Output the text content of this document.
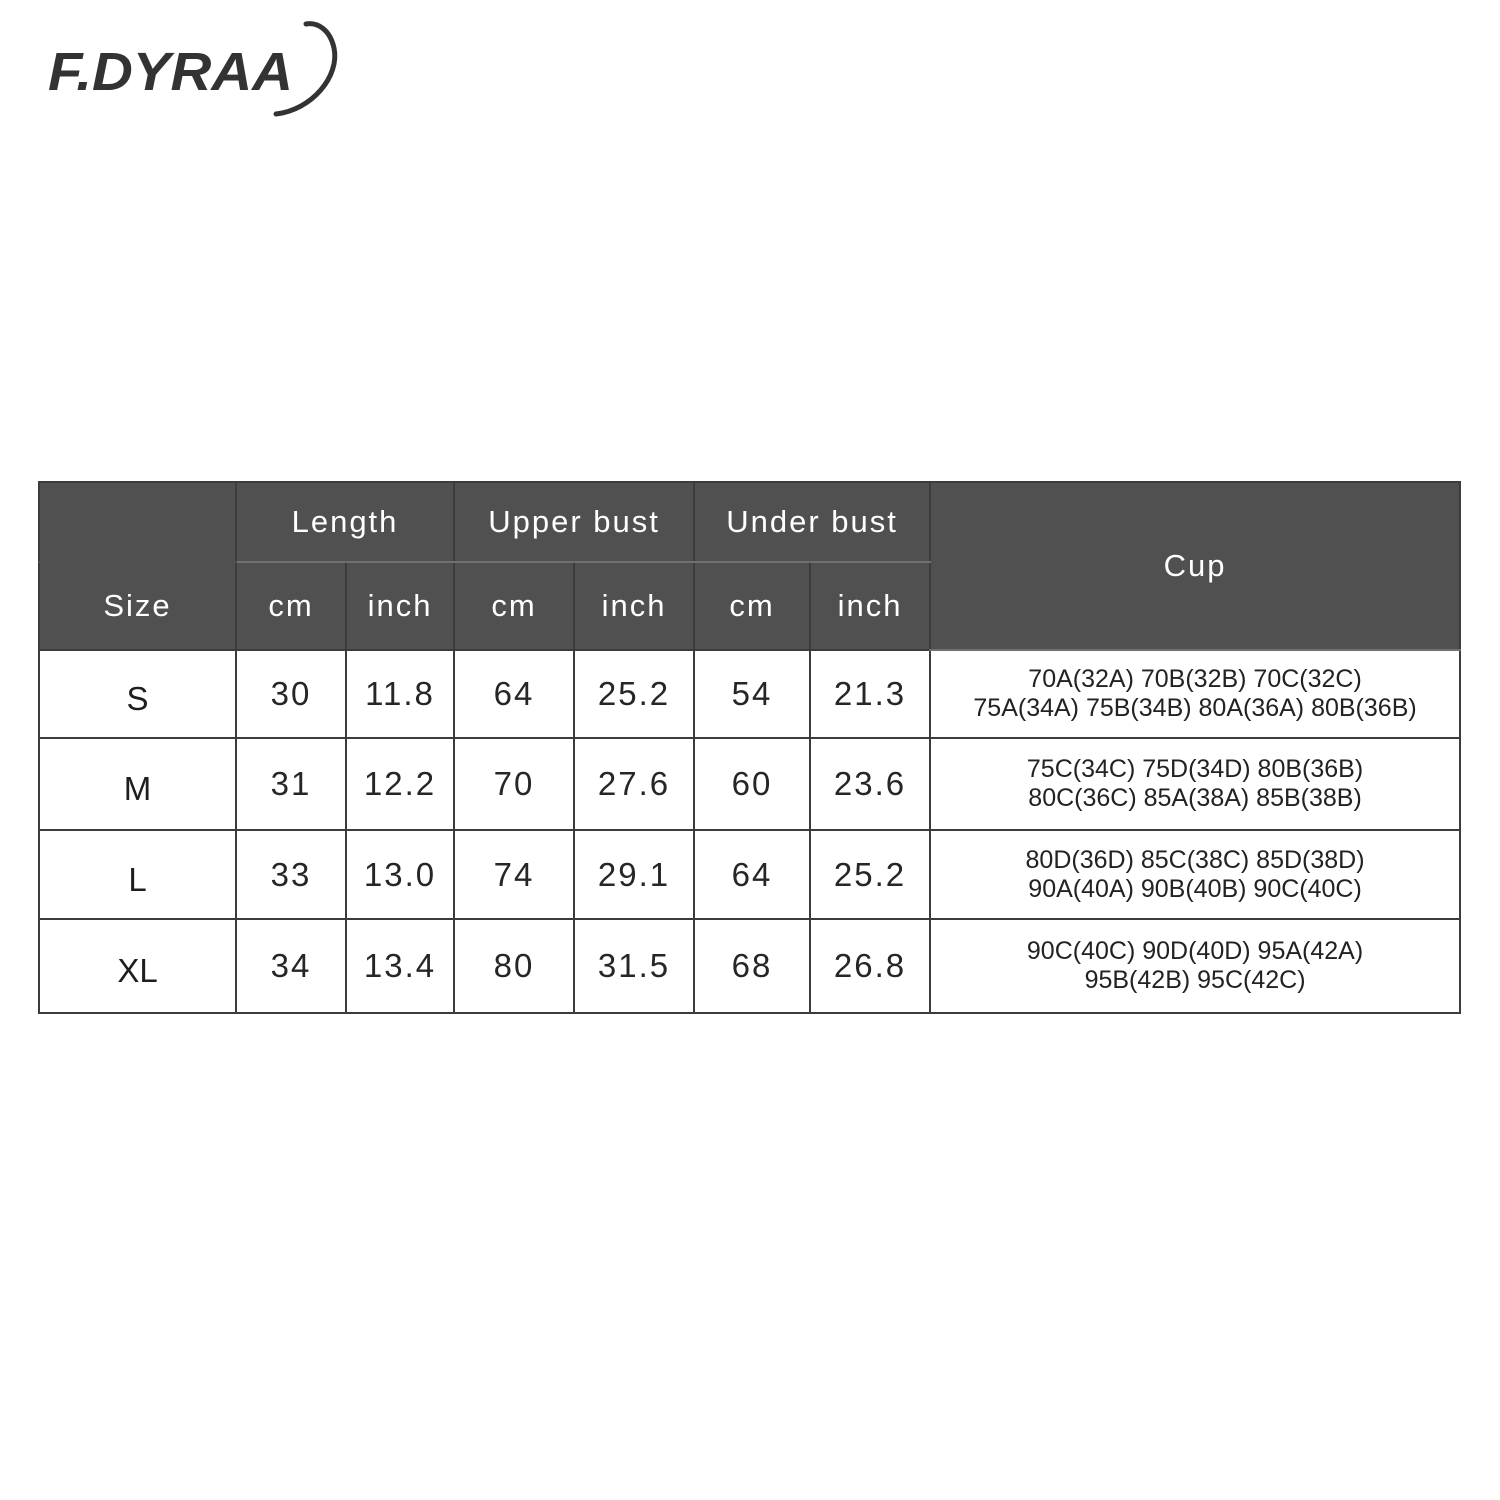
F.DYRAA
	Length		Upper bust		Under bust		Cup
Size	cm	inch	cm	inch	cm	inch	
S	30	11.8	64	25.2	54	21.3	70A(32A) 70B(32B) 70C(32C)
75A(34A) 75B(34B) 80A(36A) 80B(36B)

M	31	12.2	70	27.6	60	23.6	75C(34C) 75D(34D) 80B(36B)
80C(36C) 85A(38A) 85B(38B)

L	33	13.0	74	29.1	64	25.2	80D(36D) 85C(38C) 85D(38D)
90A(40A) 90B(40B) 90C(40C)

XL	34	13.4	80	31.5	68	26.8	90C(40C) 90D(40D) 95A(42A)
95B(42B) 95C(42C)
